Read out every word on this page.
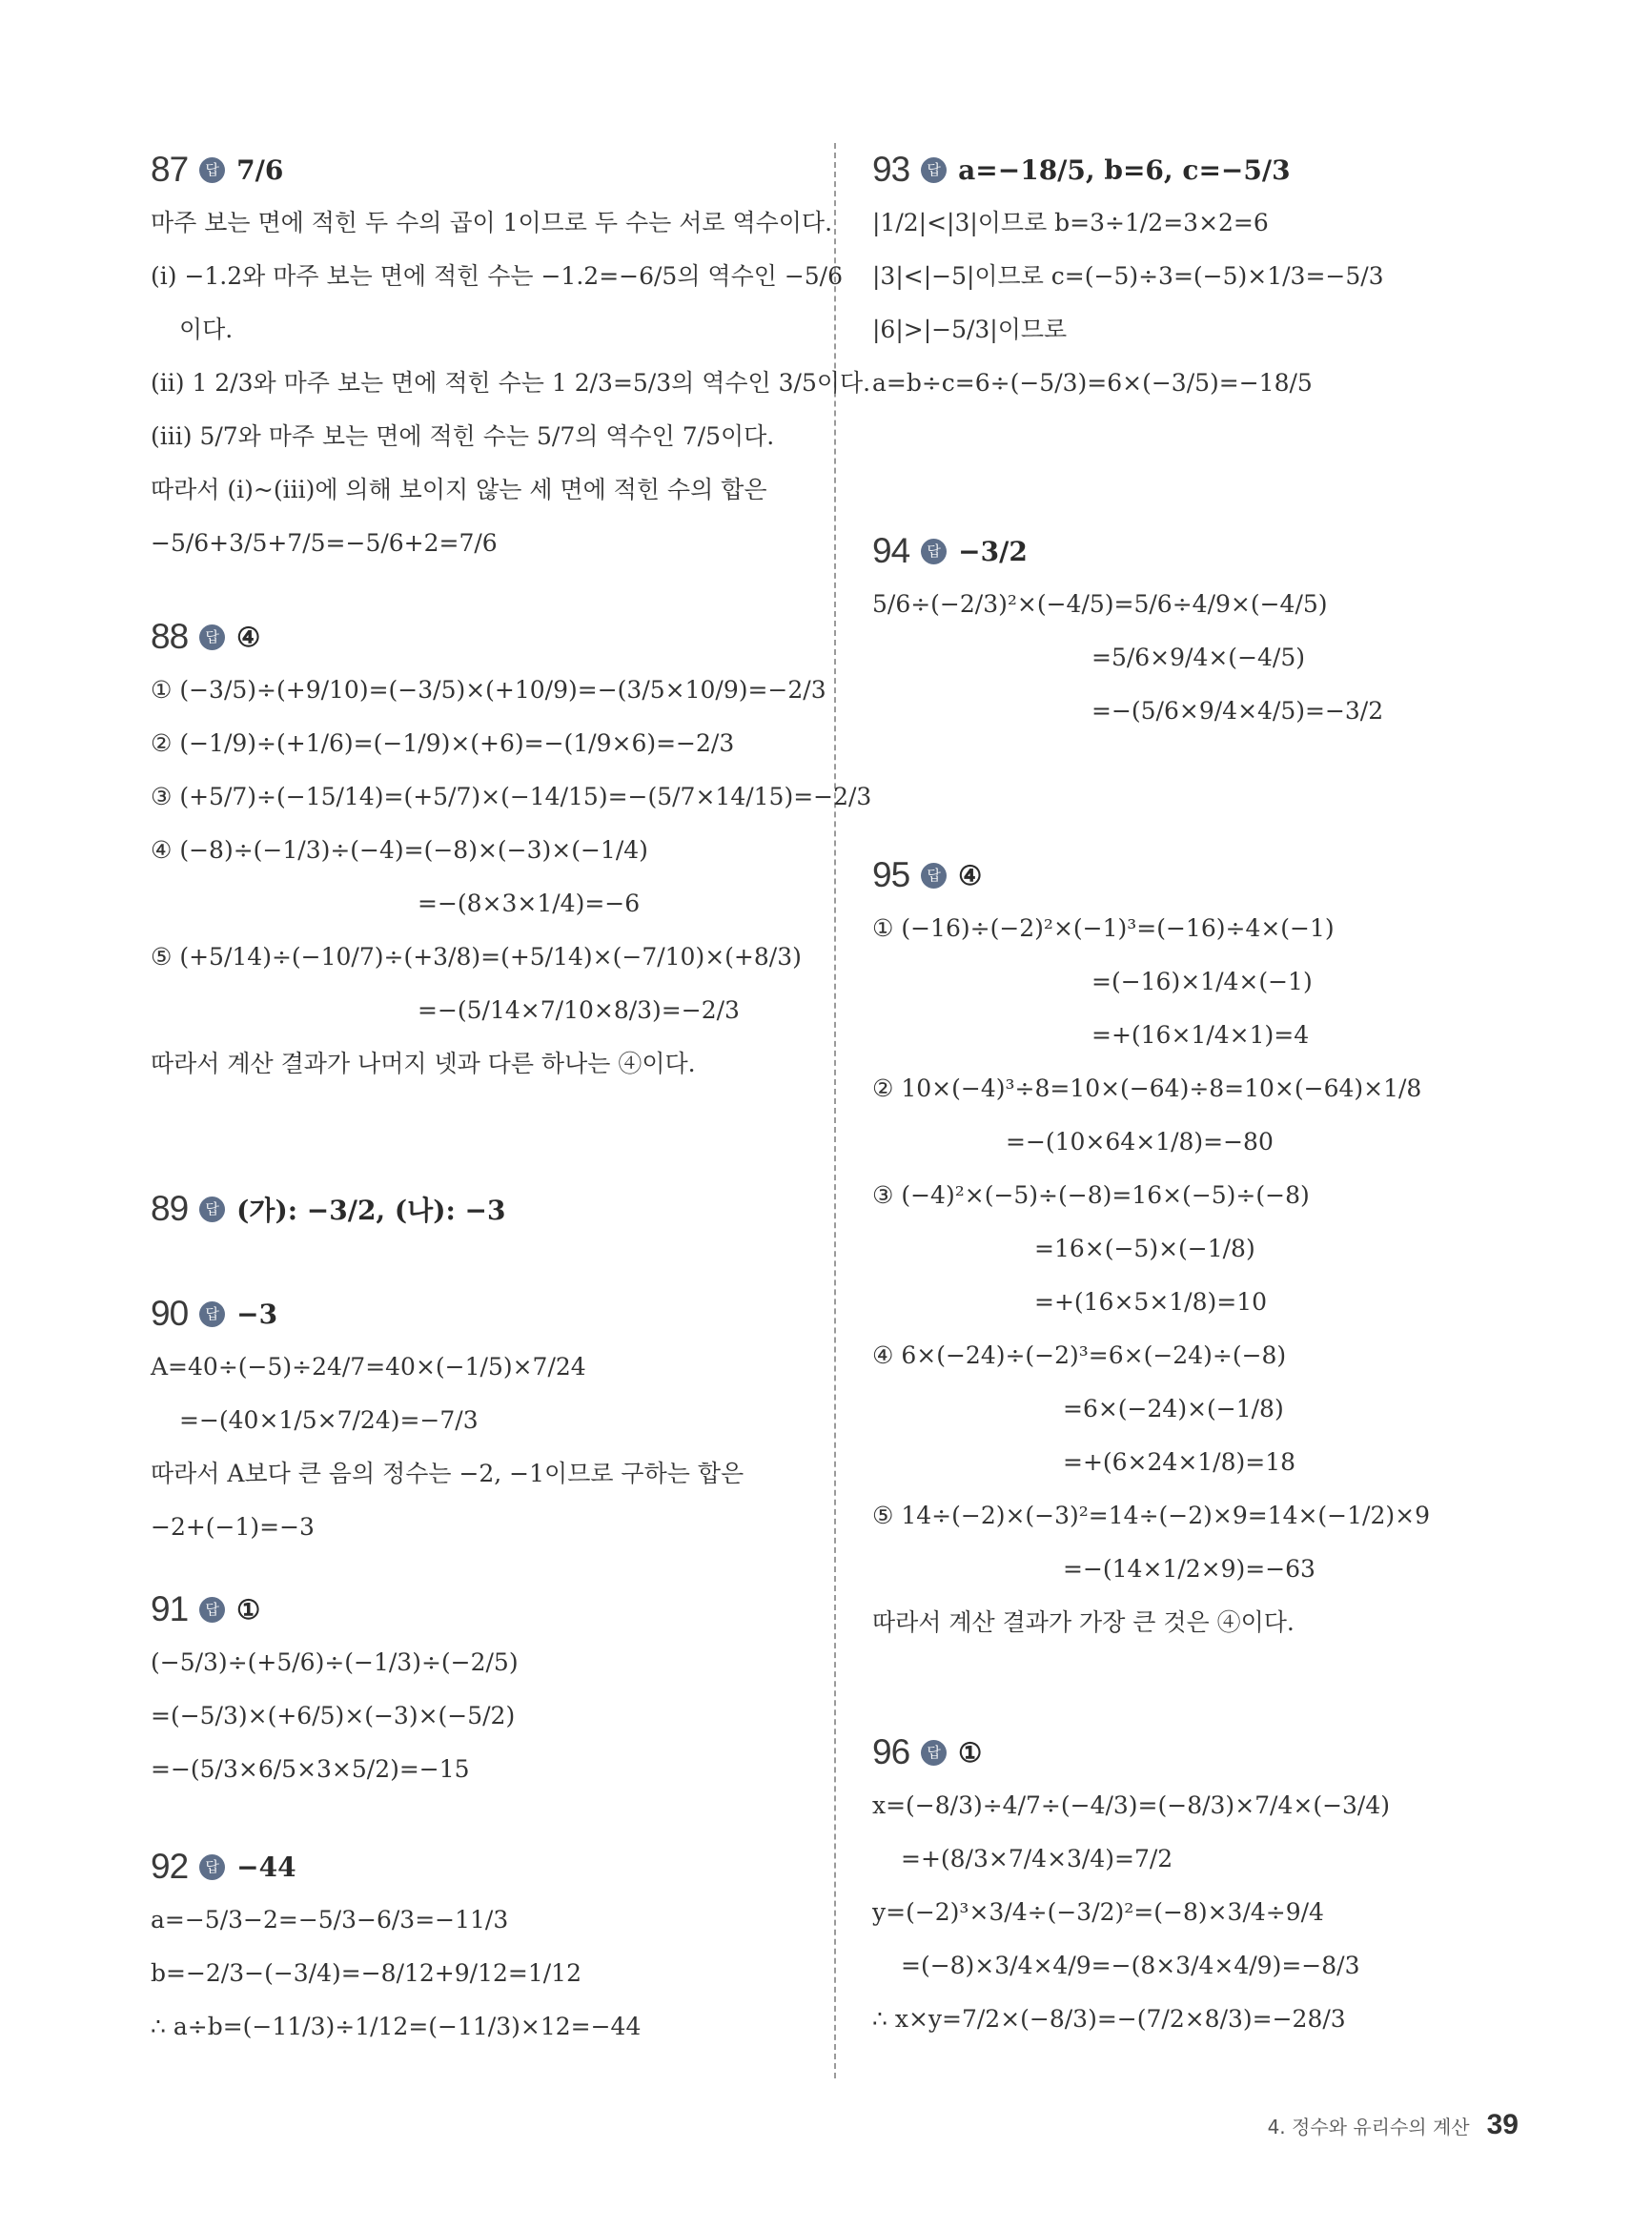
87	답 7/6
마주 보는 면에 적힌 두 수의 곱이 1이므로 두 수는 서로 역수이다.
(ⅰ) −1.2와 마주 보는 면에 적힌 수는 −1.2=−6/5의 역수인 −5/6
이다.
(ⅱ) 1 2/3와 마주 보는 면에 적힌 수는 1 2/3=5/3의 역수인 3/5이다.
(ⅲ) 5/7와 마주 보는 면에 적힌 수는 5/7의 역수인 7/5이다.
따라서 (ⅰ)~(ⅲ)에 의해 보이지 않는 세 면에 적힌 수의 합은
−5/6+3/5+7/5=−5/6+2=7/6
88	답 ④
① (−3/5)÷(+9/10)=(−3/5)×(+10/9)=−(3/5×10/9)=−2/3
② (−1/9)÷(+1/6)=(−1/9)×(+6)=−(1/9×6)=−2/3
③ (+5/7)÷(−15/14)=(+5/7)×(−14/15)=−(5/7×14/15)=−2/3
④ (−8)÷(−1/3)÷(−4)=(−8)×(−3)×(−1/4)
=−(8×3×1/4)=−6
⑤ (+5/14)÷(−10/7)÷(+3/8)=(+5/14)×(−7/10)×(+8/3)
=−(5/14×7/10×8/3)=−2/3
따라서 계산 결과가 나머지 넷과 다른 하나는 ④이다.
89	답 (가): −3/2, (나): −3
90	답 −3
A=40÷(−5)÷24/7=40×(−1/5)×7/24
=−(40×1/5×7/24)=−7/3
따라서 A보다 큰 음의 정수는 −2, −1이므로 구하는 합은
−2+(−1)=−3
91	답 ①
(−5/3)÷(+5/6)÷(−1/3)÷(−2/5)
=(−5/3)×(+6/5)×(−3)×(−5/2)
=−(5/3×6/5×3×5/2)=−15
92	답 −44
a=−5/3−2=−5/3−6/3=−11/3
b=−2/3−(−3/4)=−8/12+9/12=1/12
∴ a÷b=(−11/3)÷1/12=(−11/3)×12=−44
93	답 a=−18/5, b=6, c=−5/3
|1/2|<|3|이므로 b=3÷1/2=3×2=6
|3|<|−5|이므로 c=(−5)÷3=(−5)×1/3=−5/3
|6|>|−5/3|이므로
a=b÷c=6÷(−5/3)=6×(−3/5)=−18/5
94	답 −3/2
5/6÷(−2/3)²×(−4/5)=5/6÷4/9×(−4/5)
=5/6×9/4×(−4/5)
=−(5/6×9/4×4/5)=−3/2
95	답 ④
① (−16)÷(−2)²×(−1)³=(−16)÷4×(−1)
=(−16)×1/4×(−1)
=+(16×1/4×1)=4
② 10×(−4)³÷8=10×(−64)÷8=10×(−64)×1/8
=−(10×64×1/8)=−80
③ (−4)²×(−5)÷(−8)=16×(−5)÷(−8)
=16×(−5)×(−1/8)
=+(16×5×1/8)=10
④ 6×(−24)÷(−2)³=6×(−24)÷(−8)
=6×(−24)×(−1/8)
=+(6×24×1/8)=18
⑤ 14÷(−2)×(−3)²=14÷(−2)×9=14×(−1/2)×9
=−(14×1/2×9)=−63
따라서 계산 결과가 가장 큰 것은 ④이다.
96	답 ①
x=(−8/3)÷4/7÷(−4/3)=(−8/3)×7/4×(−3/4)
=+(8/3×7/4×3/4)=7/2
y=(−2)³×3/4÷(−3/2)²=(−8)×3/4÷9/4
=(−8)×3/4×4/9=−(8×3/4×4/9)=−8/3
∴ x×y=7/2×(−8/3)=−(7/2×8/3)=−28/3
4. 정수와 유리수의 계산 39
